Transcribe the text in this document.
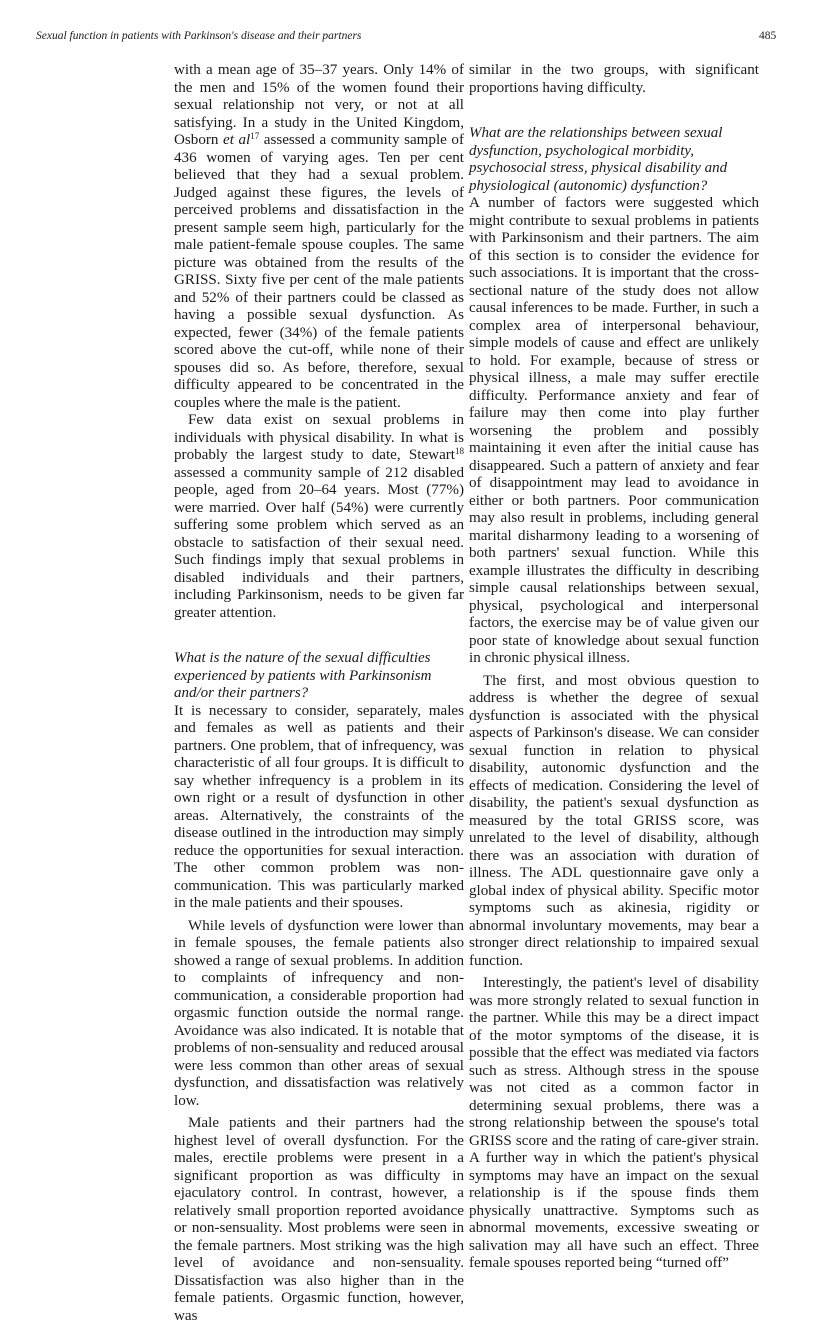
Sexual function in patients with Parkinson's disease and their partners	485

with a mean age of 35–37 years. Only 14% of the men and 15% of the women found their sexual relationship not very, or not at all satisfying. In a study in the United Kingdom, Osborn et $al^{17}$ assessed a community sample of 436 women of varying ages. Ten per cent believed that they had a sexual problem. Judged against these figures, the levels of perceived problems and dissatisfaction in the present sample seem high, particularly for the male patient-female spouse couples. The same picture was obtained from the results of the GRISS. Sixty five per cent of the male patients and 52% of their partners could be classed as having a possible sexual dysfunction. As expected, fewer (34%) of the female patients scored above the cut-off, while none of their spouses did so. As before, therefore, sexual difficulty appeared to be concentrated in the couples where the male is the patient.

Few data exist on sexual problems in individuals with physical disability. In what is probably the largest study to date, Stewart$^{18}$ assessed a community sample of 212 disabled people, aged from 20–64 years. Most (77%) were married. Over half (54%) were currently suffering some problem which served as an obstacle to satisfaction of their sexual need. Such findings imply that sexual problems in disabled individuals and their partners, including Parkinsonism, needs to be given far greater attention.

What is the nature of the sexual difficulties experienced by patients with Parkinsonism and/or their partners?

It is necessary to consider, separately, males and females as well as patients and their partners. One problem, that of infrequency, was characteristic of all four groups. It is difficult to say whether infrequency is a problem in its own right or a result of dysfunction in other areas. Alternatively, the constraints of the disease outlined in the introduction may simply reduce the opportunities for sexual interaction. The other common problem was non-communication. This was particularly marked in the male patients and their spouses.

While levels of dysfunction were lower than in female spouses, the female patients also showed a range of sexual problems. In addition to complaints of infrequency and non-communication, a considerable proportion had orgasmic function outside the normal range. Avoidance was also indicated. It is notable that problems of non-sensuality and reduced arousal were less common than other areas of sexual dysfunction, and dissatisfaction was relatively low.

Male patients and their partners had the highest level of overall dysfunction. For the males, erectile problems were present in a significant proportion as was difficulty in ejaculatory control. In contrast, however, a relatively small proportion reported avoidance or non-sensuality. Most problems were seen in the female partners. Most striking was the high level of avoidance and non-sensuality. Dissatisfaction was also higher than in the female patients. Orgasmic function, however, was

similar in the two groups, with significant proportions having difficulty.

What are the relationships between sexual dysfunction, psychological morbidity, psychosocial stress, physical disability and physiological (autonomic) dysfunction?

A number of factors were suggested which might contribute to sexual problems in patients with Parkinsonism and their partners. The aim of this section is to consider the evidence for such associations. It is important that the cross-sectional nature of the study does not allow causal inferences to be made. Further, in such a complex area of interpersonal behaviour, simple models of cause and effect are unlikely to hold. For example, because of stress or physical illness, a male may suffer erectile difficulty. Performance anxiety and fear of failure may then come into play further worsening the problem and possibly maintaining it even after the initial cause has disappeared. Such a pattern of anxiety and fear of disappointment may lead to avoidance in either or both partners. Poor communication may also result in problems, including general marital disharmony leading to a worsening of both partners' sexual function. While this example illustrates the difficulty in describing simple causal relationships between sexual, physical, psychological and interpersonal factors, the exercise may be of value given our poor state of knowledge about sexual function in chronic physical illness.

The first, and most obvious question to address is whether the degree of sexual dysfunction is associated with the physical aspects of Parkinson's disease. We can consider sexual function in relation to physical disability, autonomic dysfunction and the effects of medication. Considering the level of disability, the patient's sexual dysfunction as measured by the total GRISS score, was unrelated to the level of disability, although there was an association with duration of illness. The ADL questionnaire gave only a global index of physical ability. Specific motor symptoms such as akinesia, rigidity or abnormal involuntary movements, may bear a stronger direct relationship to impaired sexual function.

Interestingly, the patient's level of disability was more strongly related to sexual function in the partner. While this may be a direct impact of the motor symptoms of the disease, it is possible that the effect was mediated via factors such as stress. Although stress in the spouse was not cited as a common factor in determining sexual problems, there was a strong relationship between the spouse's total GRISS score and the rating of care-giver strain. A further way in which the patient's physical symptoms may have an impact on the sexual relationship is if the spouse finds them physically unattractive. Symptoms such as abnormal movements, excessive sweating or salivation may all have such an effect. Three female spouses reported being “turned off”
